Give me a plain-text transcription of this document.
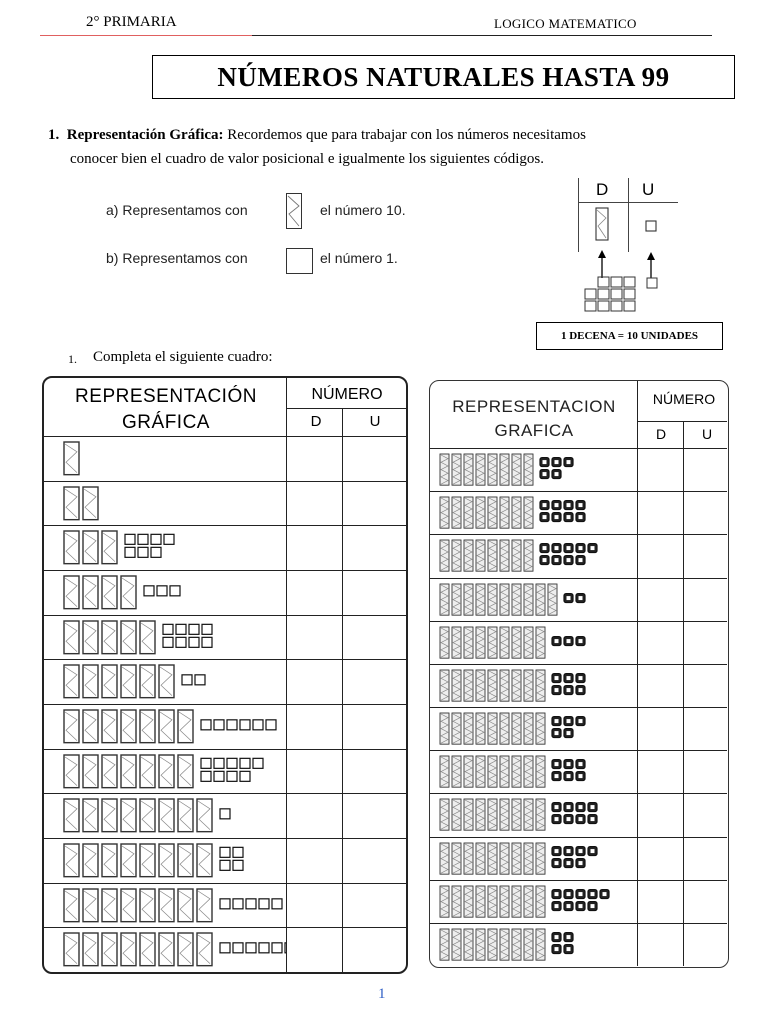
2° PRIMARIA	LOGICO MATEMATICO
NÚMEROS NATURALES HASTA 99
1. Representación Gráfica: Recordemos que para trabajar con los números necesitamos
conocer bien el cuadro de valor posicional e igualmente los siguientes códigos.
a) Representamos con	el número 10.
b) Representamos con	el número 1.
D U
1 DECENA = 10 UNIDADES
1. Completa el siguiente cuadro:
REPRESENTACIÓN
GRÁFICA
NÚMERO
D	U
REPRESENTACION
GRAFICA
NÚMERO
D	U
1
